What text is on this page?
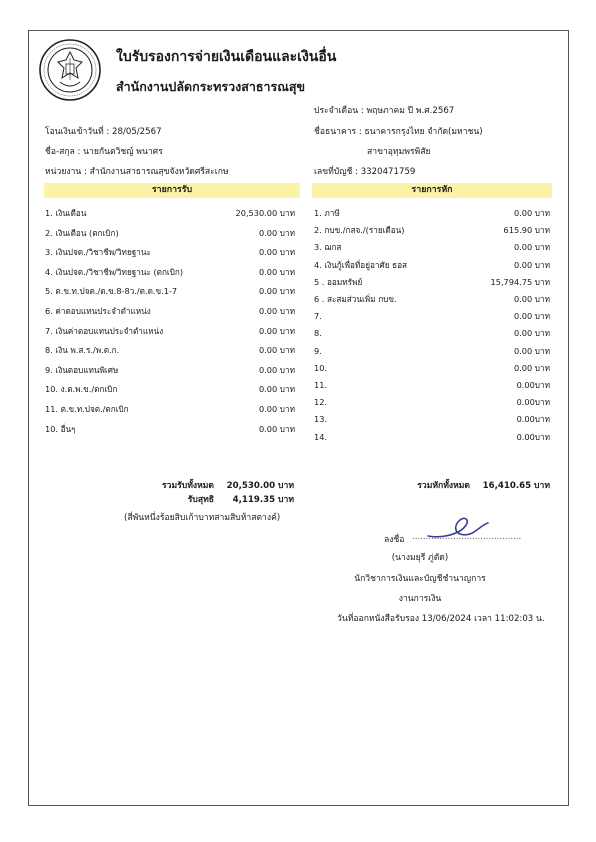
ใบรับรองการจ่ายเงินเดือนและเงินอื่น
สำนักงานปลัดกระทรวงสาธารณสุข
ประจำเดือน : พฤษภาคม ปี พ.ศ.2567
โอนเงินเข้าวันที่ : 28/05/2567	ชื่อธนาคาร : ธนาคารกรุงไทย จำกัด(มหาชน)
ชื่อ-สกุล : นายกันตวิชญ์ พนาศร	สาขาอุทุมพรพิสัย
หน่วยงาน : สำนักงานสาธารณสุขจังหวัดศรีสะเกษ	เลขที่บัญชี : 3320471759
รายการรับ	รายการหัก
1. เงินเดือน	20,530.00 บาท
2. เงินเดือน (ตกเบิก)	0.00 บาท
3. เงินปจต./วิชาชีพ/วิทยฐานะ	0.00 บาท
4. เงินปจต./วิชาชีพ/วิทยฐานะ (ตกเบิก)	0.00 บาท
5. ต.ข.ท.ปจต./ต.ข.8-8ว./ต.ด.ข.1-7	0.00 บาท
6. ค่าตอบแทนประจำตำแหน่ง	0.00 บาท
7. เงินค่าตอบแทนประจำตำแหน่ง	0.00 บาท
8. เงิน พ.ส.ร./พ.ต.ก.	0.00 บาท
9. เงินตอบแทนพิเศษ	0.00 บาท
10. ง.ต.พ.ข./ตกเบิก	0.00 บาท
11. ต.ข.ท.ปจต./ตกเบิก	0.00 บาท
10. อื่นๆ	0.00 บาท
1. ภาษี	0.00 บาท
2. กบข./กสจ./(รายเดือน)	615.90 บาท
3. ฌกส	0.00 บาท
4. เงินกู้เพื่อที่อยู่อาศัย ธอส	0.00 บาท
5 . ออมทรัพย์	15,794.75 บาท
6 . สะสมส่วนเพิ่ม กบข.	0.00 บาท
7.	0.00 บาท
8.	0.00 บาท
9.	0.00 บาท
10.	0.00 บาท
11.	0.00บาท
12.	0.00บาท
13.	0.00บาท
14.	0.00บาท
รวมรับทั้งหมด	20,530.00 บาท
รับสุทธิ	4,119.35 บาท
(สี่พันหนึ่งร้อยสิบเก้าบาทสามสิบห้าสตางค์)
รวมหักทั้งหมด	16,410.65 บาท
ลงชื่อ ........................................
(นางมยุรี ภู่ตัด)
นักวิชาการเงินและบัญชีชำนาญการ
งานการเงิน
วันที่ออกหนังสือรับรอง 13/06/2024 เวลา 11:02:03 น.
